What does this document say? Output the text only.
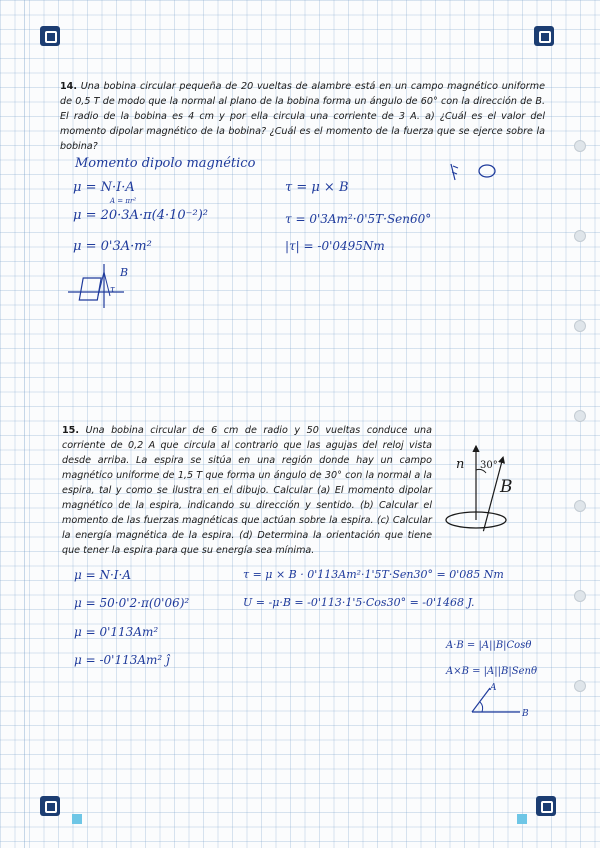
14. Una bobina circular pequeña de 20 vueltas de alambre está en un campo magnético uniforme de 0,5 T de modo que la normal al plano de la bobina forma un ángulo de 60° con la dirección de B. El radio de la bobina es 4 cm y por ella circula una corriente de 3 A. a) ¿Cuál es el valor del momento dipolar magnético de la bobina? ¿Cuál es el momento de la fuerza que se ejerce sobre la bobina?
Momento dipolo magnético
μ = N·I·A
A = πr²
μ = 20·3A·π(4·10⁻²)²
μ = 0'3A·m²
τ = μ × B
τ = 0'3Am²·0'5T·Sen60°
|τ| = -0'0495Nm
B
τ
15. Una bobina circular de 6 cm de radio y 50 vueltas conduce una corriente de 0,2 A que circula al contrario que las agujas del reloj vista desde arriba. La espira se sitúa en una región donde hay un campo magnético uniforme de 1,5 T que forma un ángulo de 30° con la normal a la espira, tal y como se ilustra en el dibujo. Calcular (a) El momento dipolar magnético de la espira, indicando su dirección y sentido. (b) Calcular el momento de las fuerzas magnéticas que actúan sobre la espira. (c) Calcular la energía magnética de la espira. (d) Determina la orientación que tiene que tener la espira para que su energía sea mínima.
n 30°
B
μ = N·I·A
μ = 50·0'2·π(0'06)²
μ = 0'113Am²
μ = -0'113Am² ĵ
τ = μ × B · 0'113Am²·1'5T·Sen30° = 0'085 Nm
U = -μ·B = -0'113·1'5·Cos30° = -0'1468 J.
A·B = |A||B|Cosθ
A×B = |A||B|Senθ
A
B
